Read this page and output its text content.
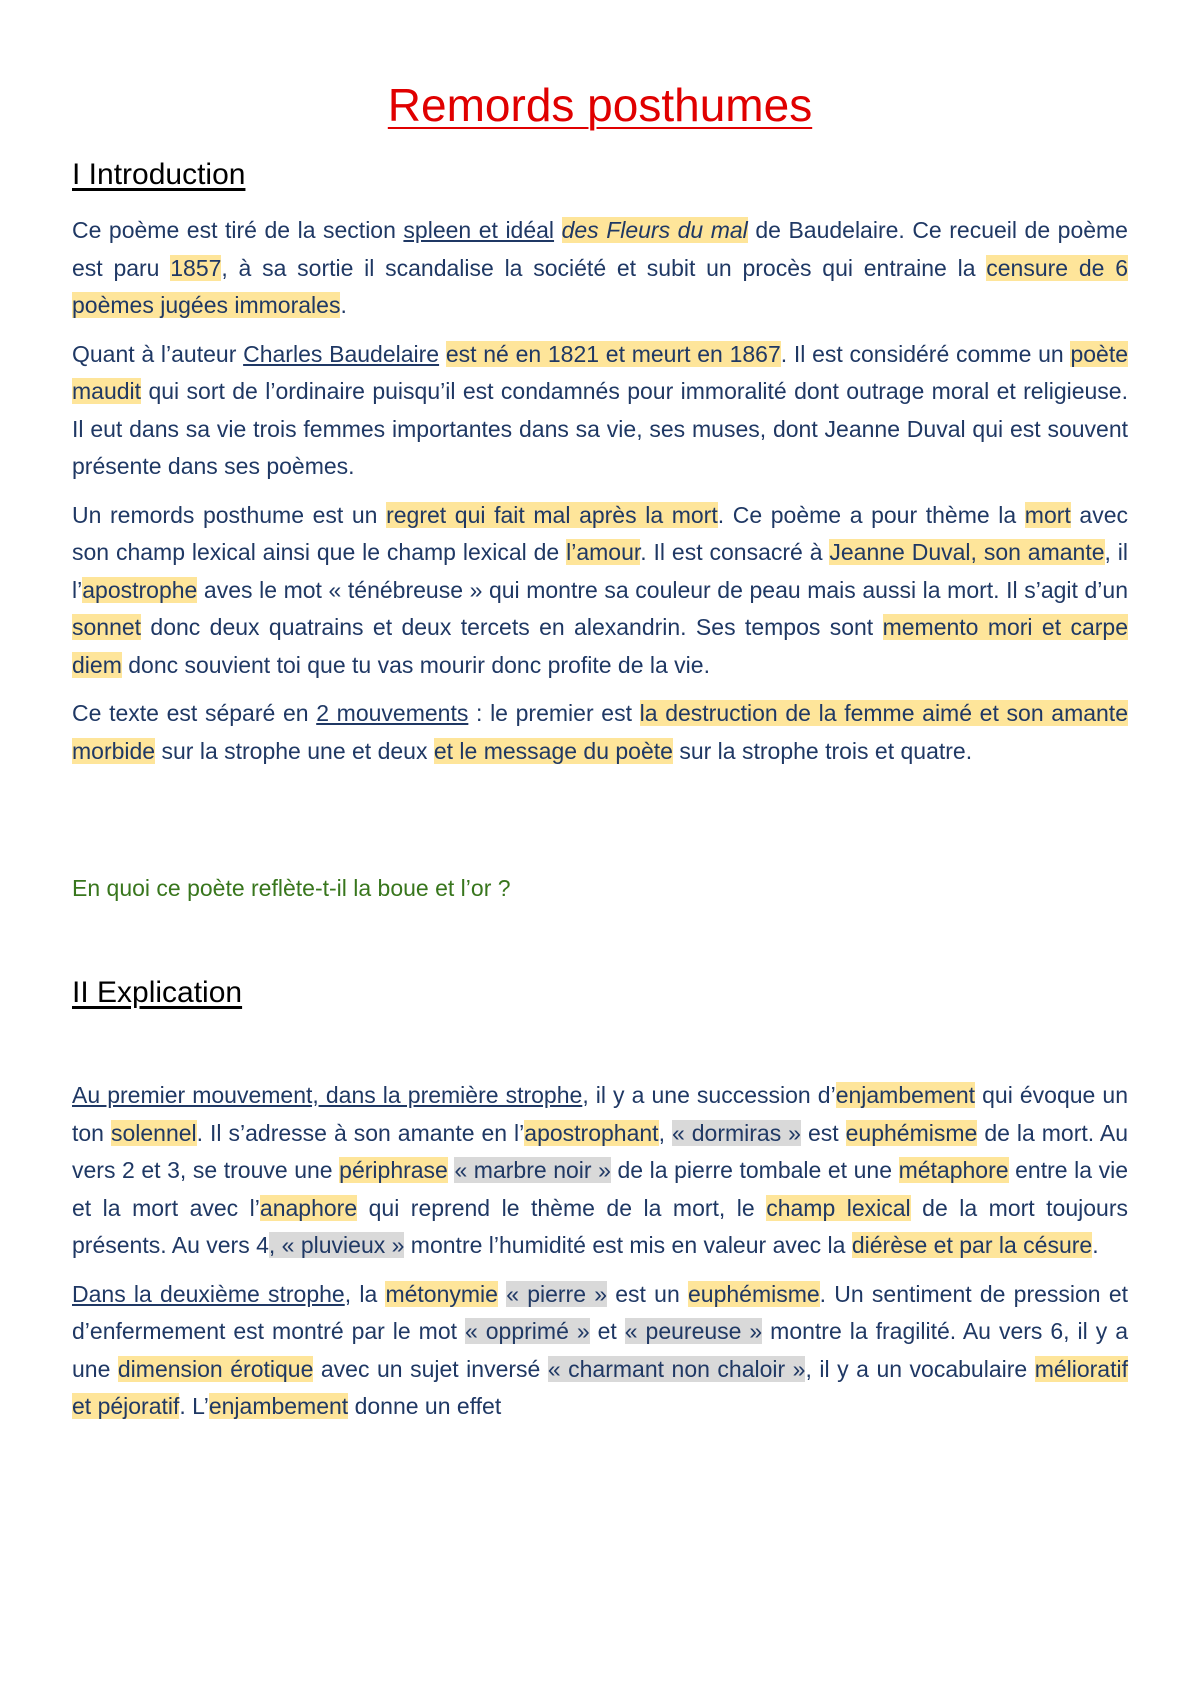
Remords posthumes
I Introduction

Ce poème est tiré de la section spleen et idéal des Fleurs du mal de Baudelaire. Ce recueil de poème est paru 1857, à sa sortie il scandalise la société et subit un procès qui entraine la censure de 6 poèmes jugées immorales.

Quant à l’auteur Charles Baudelaire est né en 1821 et meurt en 1867. Il est considéré comme un poète maudit qui sort de l’ordinaire puisqu’il est condamnés pour immoralité dont outrage moral et religieuse. Il eut dans sa vie trois femmes importantes dans sa vie, ses muses, dont Jeanne Duval qui est souvent présente dans ses poèmes.

Un remords posthume est un regret qui fait mal après la mort. Ce poème a pour thème la mort avec son champ lexical ainsi que le champ lexical de l’amour. Il est consacré à Jeanne Duval, son amante, il l’apostrophe aves le mot « ténébreuse » qui montre sa couleur de peau mais aussi la mort. Il s’agit d’un sonnet donc deux quatrains et deux tercets en alexandrin. Ses tempos sont memento mori et carpe diem donc souvient toi que tu vas mourir donc profite de la vie.

Ce texte est séparé en 2 mouvements : le premier est la destruction de la femme aimé et son amante morbide sur la strophe une et deux et le message du poète sur la strophe trois et quatre.

En quoi ce poète reflète-t-il la boue et l’or ?
II Explication

Au premier mouvement, dans la première strophe, il y a une succession d’enjambement qui évoque un ton solennel. Il s’adresse à son amante en l’apostrophant, « dormiras » est euphémisme de la mort. Au vers 2 et 3, se trouve une périphrase « marbre noir » de la pierre tombale et une métaphore entre la vie et la mort avec l’anaphore qui reprend le thème de la mort, le champ lexical de la mort toujours présents. Au vers 4, « pluvieux » montre l’humidité est mis en valeur avec la diérèse et par la césure.

Dans la deuxième strophe, la métonymie « pierre » est un euphémisme. Un sentiment de pression et d’enfermement est montré par le mot « opprimé » et « peureuse » montre la fragilité. Au vers 6, il y a une dimension érotique avec un sujet inversé « charmant non chaloir », il y a un vocabulaire mélioratif et péjoratif. L’enjambement donne un effet
